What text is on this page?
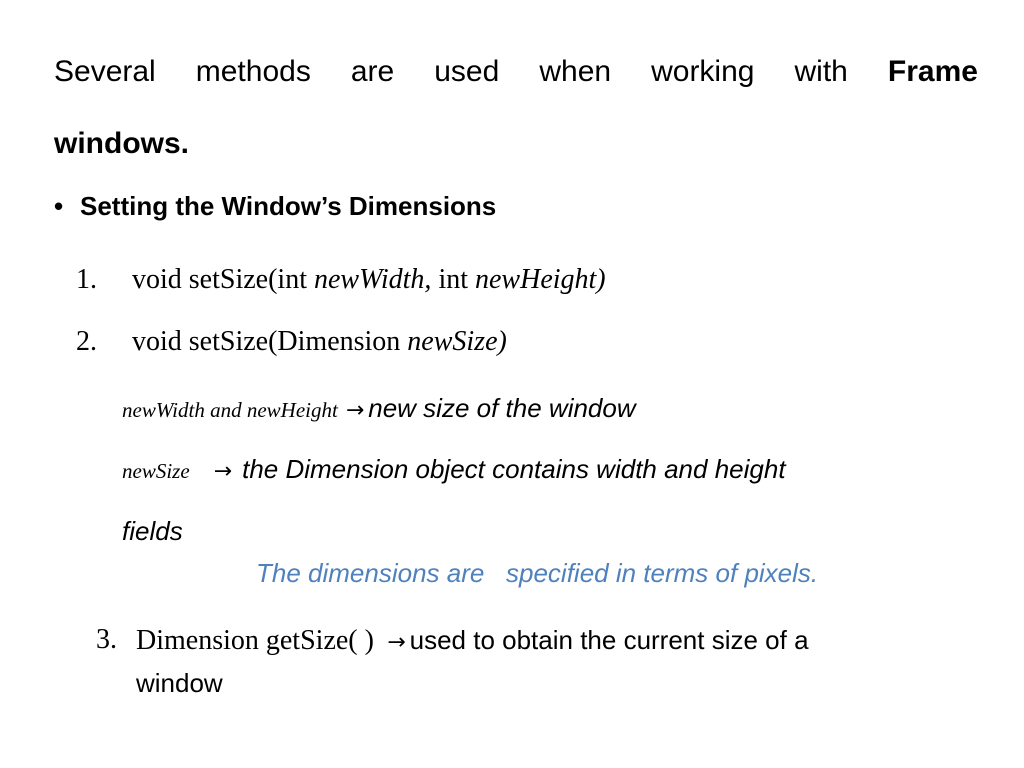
Several methods are used when working with Frame
windows.
• Setting the Window’s Dimensions
1. void setSize(int newWidth, int newHeight)
2. void setSize(Dimension newSize)
newWidth and newHeight → new size of the window
newSize → the Dimension object contains width and height
fields
The dimensions are   specified in terms of pixels.
3. Dimension getSize( ) → used to obtain the current size of a
window
